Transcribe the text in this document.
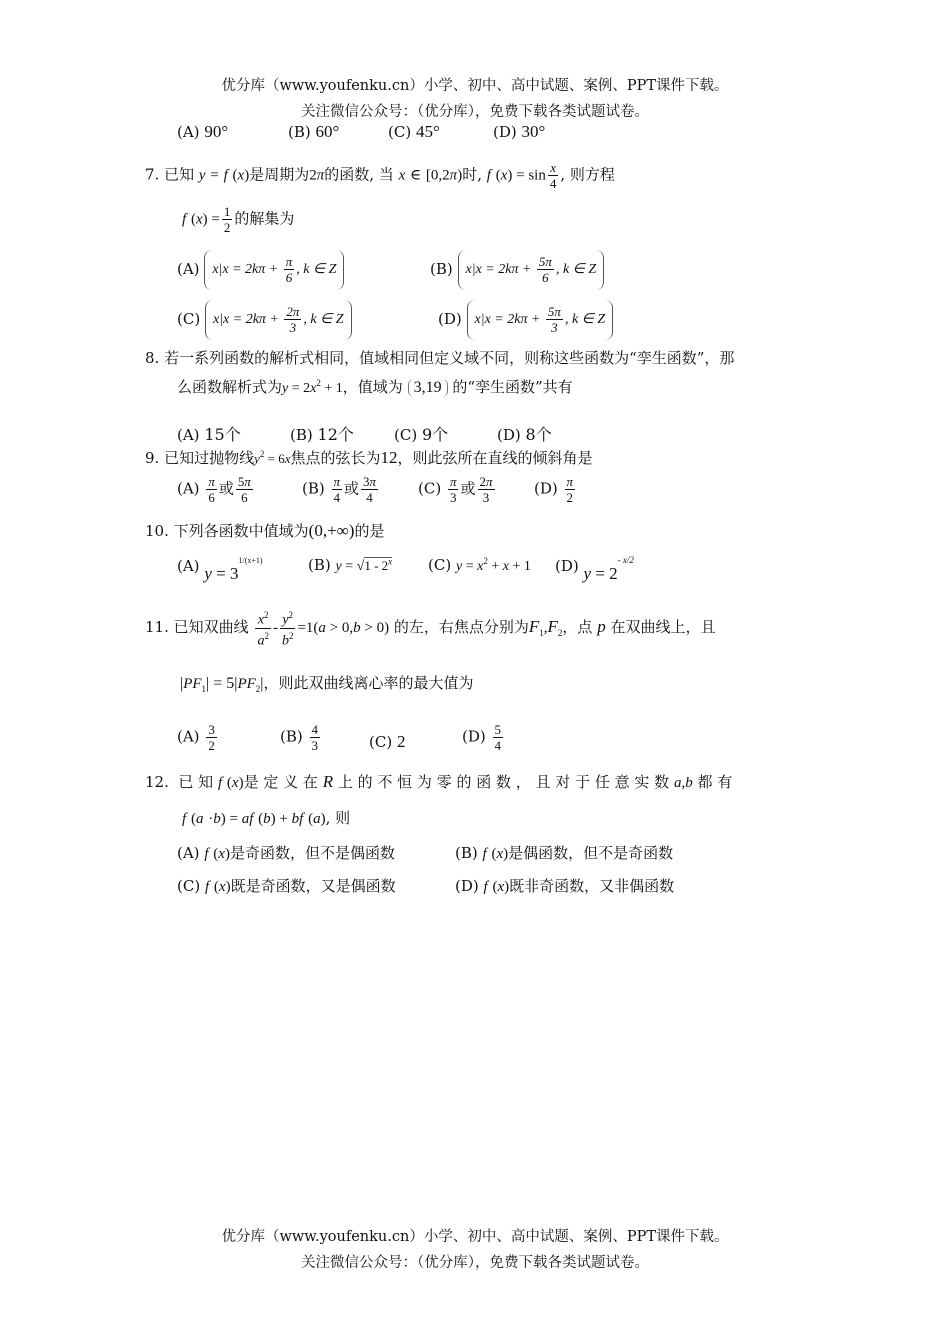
优分库（www.youfenku.cn）小学、初中、高中试题、案例、PPT课件下载。
关注微信公众号：（优分库），免费下载各类试题试卷。
(A) 90°	(B) 60°	(C) 45°	(D) 30°
7. 已知 y = f (x)是周期为2π的函数, 当 x ∈ [0,2π)时, f $(x) = \sin \frac{x}{4}$ , 则方程
f $(x) = \frac{1}{2}$ 的解集为
(A) $x|x = 2k\pi + \frac{\pi}{6}$ , k ∈ Z	(B) $x|x = 2k\pi + \frac{5\pi}{6}$ , k ∈ Z
(C) $x|x = 2k\pi + \frac{2\pi}{3}$ , k ∈ Z	(D) $x|x = 2k\pi + \frac{5\pi}{3}$ , k ∈ Z
8. 若一系列函数的解析式相同，值域相同但定义域不同，则称这些函数为“孪生函数”，那
么函数解析式为$y = 2x^2 + 1$，值域为 3,19 的“孪生函数”共有
(A) 15个	(B) 12个	(C) 9个	(D) 8个
9. 已知过抛物线$y^2 = 6x$焦点的弦长为12，则此弦所在直线的倾斜角是
$(A) \frac{\pi}{6}$ 或 $\frac{5\pi}{6}$	$(B) \frac{\pi}{4}$ 或 $\frac{3\pi}{4}$	$(C) \frac{\pi}{3}$ 或 $\frac{2\pi}{3}$	$(D) \frac{\pi}{2}$
10. 下列各函数中值域为(0,+∞)的是
(A) $y = 3^{1/(x+1)}$	(B) y = √1 - 2$^x$ (C) $y = x^2 + x + 1$ (D) $y = 2^{- x/2}$
11. 已知双曲线 $\frac{x^2}{a^2} - \frac{y^2}{b^2} =1(a > 0,b > 0)$ 的左，右焦点分别为$F_1,F_2$，点 p 在双曲线上，且
$|PF_1| = 5|PF_2|$，则此双曲线离心率的最大值为
$(A) \frac{3}{2}$	$(B) \frac{4}{3}$	(C) 2	$(D) \frac{5}{4}$
12. 已 知 f (x)是 定 义 在 R 上 的 不 恒 为 零 的 函 数 ， 且 对 于 任 意 实 数 a,b 都 有
f (a ·b) = af (b) + bf (a), 则
(A) f (x)是奇函数，但不是偶函数	(B) f (x)是偶函数，但不是奇函数
(C) f (x)既是奇函数，又是偶函数	(D) f (x)既非奇函数，又非偶函数
优分库（www.youfenku.cn）小学、初中、高中试题、案例、PPT课件下载。
关注微信公众号：（优分库），免费下载各类试题试卷。
